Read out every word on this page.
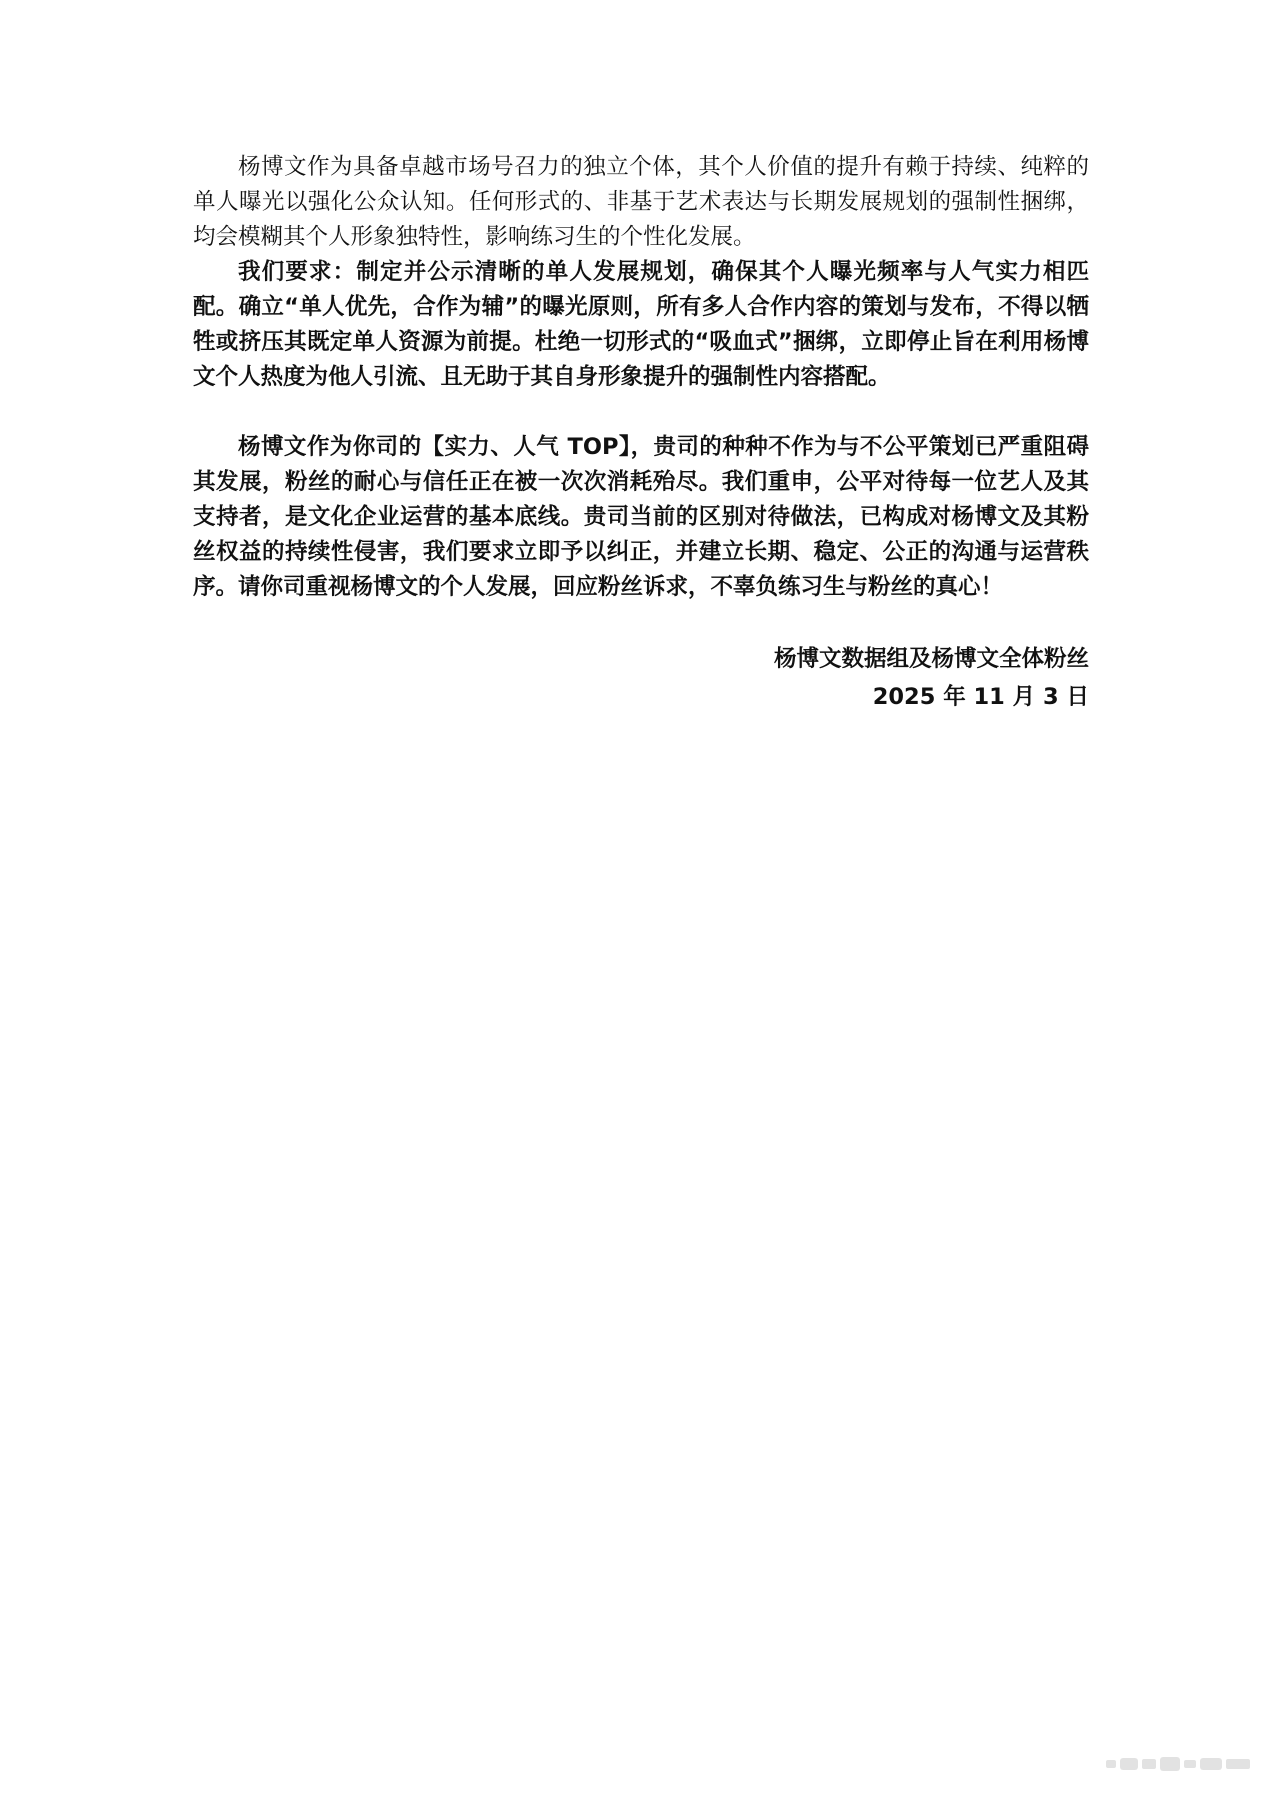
杨博文作为具备卓越市场号召力的独立个体，其个人价值的提升有赖于持续、纯粹的单人曝光以强化公众认知。任何形式的、非基于艺术表达与长期发展规划的强制性捆绑，均会模糊其个人形象独特性，影响练习生的个性化发展。

我们要求：制定并公示清晰的单人发展规划，确保其个人曝光频率与人气实力相匹配。确立“单人优先，合作为辅”的曝光原则，所有多人合作内容的策划与发布，不得以牺牲或挤压其既定单人资源为前提。杜绝一切形式的“吸血式”捆绑，立即停止旨在利用杨博文个人热度为他人引流、且无助于其自身形象提升的强制性内容搭配。

杨博文作为你司的【实力、人气 TOP】，贵司的种种不作为与不公平策划已严重阻碍其发展，粉丝的耐心与信任正在被一次次消耗殆尽。我们重申，公平对待每一位艺人及其支持者，是文化企业运营的基本底线。贵司当前的区别对待做法，已构成对杨博文及其粉丝权益的持续性侵害，我们要求立即予以纠正，并建立长期、稳定、公正的沟通与运营秩序。请你司重视杨博文的个人发展，回应粉丝诉求，不辜负练习生与粉丝的真心！

杨博文数据组及杨博文全体粉丝
2025 年 11 月 3 日
